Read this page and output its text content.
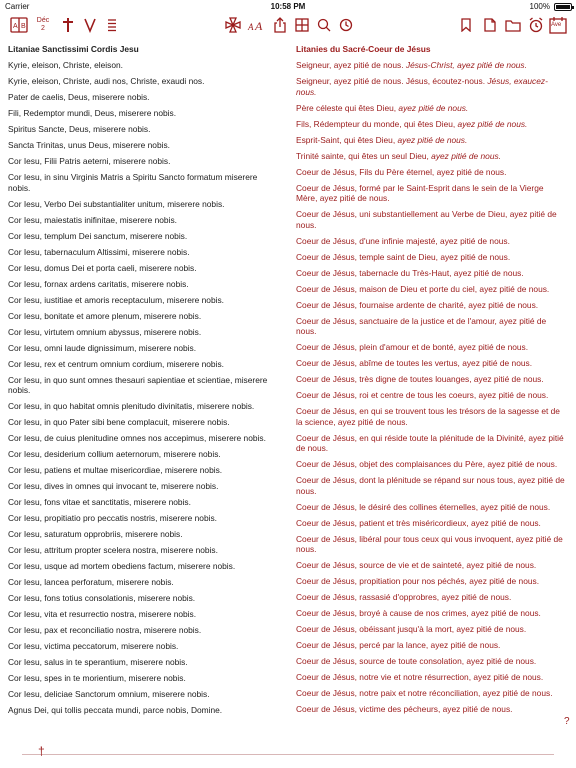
Carrier	10:58 PM	100%
A B
Déc
2	A A	Ave
Litaniae Sanctissimi Cordis Jesu
Kyrie, eleison, Christe, eleison.
Kyrie, eleison, Christe, audi nos, Christe, exaudi nos.
Pater de caelis, Deus, miserere nobis.
Fili, Redemptor mundi, Deus, miserere nobis.
Spiritus Sancte, Deus, miserere nobis.
Sancta Trinitas, unus Deus, miserere nobis.
Cor Iesu, Filii Patris aeterni, miserere nobis.
Cor Iesu, in sinu Virginis Matris a Spiritu Sancto formatum miserere nobis.
Cor Iesu, Verbo Dei substantialiter unitum, miserere nobis.
Cor Iesu, maiestatis inifinitae, miserere nobis.
Cor Iesu, templum Dei sanctum, miserere nobis.
Cor Iesu, tabernaculum Altissimi, miserere nobis.
Cor Iesu, domus Dei et porta caeli, miserere nobis.
Cor Iesu, fornax ardens caritatis, miserere nobis.
Cor Iesu, iustitiae et amoris receptaculum, miserere nobis.
Cor Iesu, bonitate et amore plenum, miserere nobis.
Cor Iesu, virtutem omnium abyssus, miserere nobis.
Cor Iesu, omni laude dignissimum, miserere nobis.
Cor Iesu, rex et centrum omnium cordium, miserere nobis.
Cor Iesu, in quo sunt omnes thesauri sapientiae et scientiae, miserere nobis.
Cor Iesu, in quo habitat omnis plenitudo divinitatis, miserere nobis.
Cor Iesu, in quo Pater sibi bene complacuit, miserere nobis.
Cor Iesu, de cuius plenitudine omnes nos accepimus, miserere nobis.
Cor Iesu, desiderium collium aeternorum, miserere nobis.
Cor Iesu, patiens et multae misericordiae, miserere nobis.
Cor Iesu, dives in omnes qui invocant te, miserere nobis.
Cor Iesu, fons vitae et sanctitatis, miserere nobis.
Cor Iesu, propitiatio pro peccatis nostris, miserere nobis.
Cor Iesu, saturatum opprobriis, miserere nobis.
Cor Iesu, attritum propter scelera nostra, miserere nobis.
Cor Iesu, usque ad mortem obediens factum, miserere nobis.
Cor Iesu, lancea perforatum, miserere nobis.
Cor Iesu, fons totius consolationis, miserere nobis.
Cor Iesu, vita et resurrectio nostra, miserere nobis.
Cor Iesu, pax et reconciliatio nostra, miserere nobis.
Cor Iesu, victima peccatorum, miserere nobis.
Cor Iesu, salus in te sperantium, miserere nobis.
Cor Iesu, spes in te morientium, miserere nobis.
Cor Iesu, deliciae Sanctorum omnium, miserere nobis.
Agnus Dei, qui tollis peccata mundi, parce nobis, Domine.
Litanies du Sacré-Coeur de Jésus
Seigneur, ayez pitié de nous. Jésus-Christ, ayez pitié de nous.
Seigneur, ayez pitié de nous. Jésus, écoutez-nous. Jésus, exaucez-nous.
Père céleste qui êtes Dieu, ayez pitié de nous.
Fils, Rédempteur du monde, qui êtes Dieu, ayez pitié de nous.
Esprit-Saint, qui êtes Dieu, ayez pitié de nous.
Trinité sainte, qui êtes un seul Dieu, ayez pitié de nous.
Coeur de Jésus, Fils du Père éternel, ayez pitié de nous.
Coeur de Jésus, formé par le Saint-Esprit dans le sein de la Vierge Mère, ayez pitié de nous.
Coeur de Jésus, uni substantiellement au Verbe de Dieu, ayez pitié de nous.
Coeur de Jésus, d'une infinie majesté, ayez pitié de nous.
Coeur de Jésus, temple saint de Dieu, ayez pitié de nous.
Coeur de Jésus, tabernacle du Très-Haut, ayez pitié de nous.
Coeur de Jésus, maison de Dieu et porte du ciel, ayez pitié de nous.
Coeur de Jésus, fournaise ardente de charité, ayez pitié de nous.
Coeur de Jésus, sanctuaire de la justice et de l'amour, ayez pitié de nous.
Coeur de Jésus, plein d'amour et de bonté, ayez pitié de nous.
Coeur de Jésus, abîme de toutes les vertus, ayez pitié de nous.
Coeur de Jésus, très digne de toutes louanges, ayez pitié de nous.
Coeur de Jésus, roi et centre de tous les coeurs, ayez pitié de nous.
Coeur de Jésus, en qui se trouvent tous les trésors de la sagesse et de la science, ayez pitié de nous.
Coeur de Jésus, en qui réside toute la plénitude de la Divinité, ayez pitié de nous.
Coeur de Jésus, objet des complaisances du Père, ayez pitié de nous.
Coeur de Jésus, dont la plénitude se répand sur nous tous, ayez pitié de nous.
Coeur de Jésus, le désiré des collines éternelles, ayez pitié de nous.
Coeur de Jésus, patient et très miséricordieux, ayez pitié de nous.
Coeur de Jésus, libéral pour tous ceux qui vous invoquent, ayez pitié de nous.
Coeur de Jésus, source de vie et de sainteté, ayez pitié de nous.
Coeur de Jésus, propitiation pour nos péchés, ayez pitié de nous.
Coeur de Jésus, rassasié d'opprobres, ayez pitié de nous.
Coeur de Jésus, broyé à cause de nos crimes, ayez pitié de nous.
Coeur de Jésus, obéissant jusqu'à la mort, ayez pitié de nous.
Coeur de Jésus, percé par la lance, ayez pitié de nous.
Coeur de Jésus, source de toute consolation, ayez pitié de nous.
Coeur de Jésus, notre vie et notre résurrection, ayez pitié de nous.
Coeur de Jésus, notre paix et notre réconciliation, ayez pitié de nous.
Coeur de Jésus, victime des pécheurs, ayez pitié de nous.
?
†
